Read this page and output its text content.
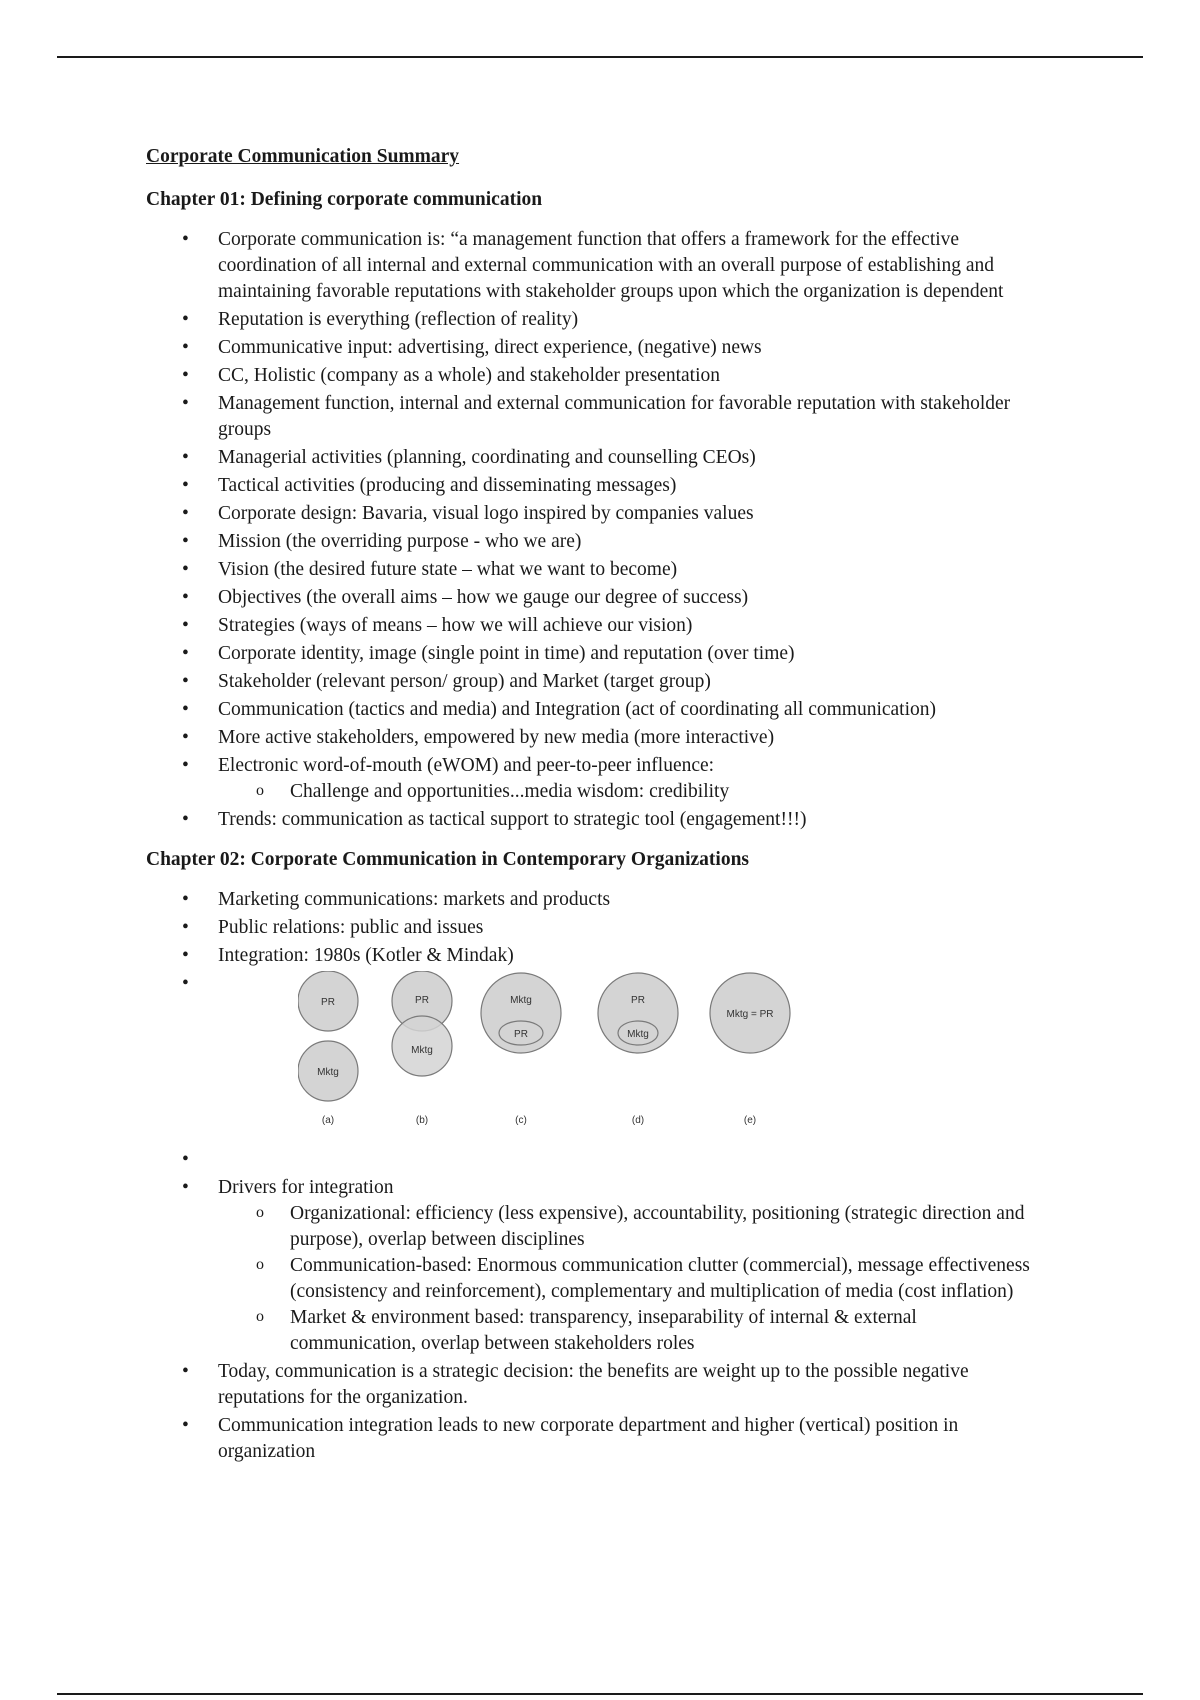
Corporate Communication Summary
Chapter 01: Defining corporate communication
• Corporate communication is: “a management function that offers a framework for the effective coordination of all internal and external communication with an overall purpose of establishing and maintaining favorable reputations with stakeholder groups upon which the organization is dependent
• Reputation is everything (reflection of reality)
• Communicative input: advertising, direct experience, (negative) news
• CC, Holistic (company as a whole) and stakeholder presentation
• Management function, internal and external communication for favorable reputation with stakeholder groups
• Managerial activities (planning, coordinating and counselling CEOs)
• Tactical activities (producing and disseminating messages)
• Corporate design: Bavaria, visual logo inspired by companies values
• Mission (the overriding purpose - who we are)
• Vision (the desired future state – what we want to become)
• Objectives (the overall aims – how we gauge our degree of success)
• Strategies (ways of means – how we will achieve our vision)
• Corporate identity, image (single point in time) and reputation (over time)
• Stakeholder (relevant person/ group) and Market (target group)
• Communication (tactics and media) and Integration (act of coordinating all communication)
• More active stakeholders, empowered by new media (more interactive)
• Electronic word-of-mouth (eWOM) and peer-to-peer influence:
o Challenge and opportunities...media wisdom: credibility
• Trends: communication as tactical support to strategic tool (engagement!!!)
Chapter 02: Corporate Communication in Contemporary Organizations
• Marketing communications: markets and products
• Public relations: public and issues
• Integration: 1980s (Kotler & Mindak)
• PR
Mktg
PR
Mktg
Mktg
PR
PR
Mktg
Mktg = PR
(a)	(b)	(c)	(d)	(e)
•
• Drivers for integration
o Organizational: efficiency (less expensive), accountability, positioning (strategic direction and purpose), overlap between disciplines
o Communication-based: Enormous communication clutter (commercial), message effectiveness (consistency and reinforcement), complementary and multiplication of media (cost inflation)
o Market & environment based: transparency, inseparability of internal & external communication, overlap between stakeholders roles
• Today, communication is a strategic decision: the benefits are weight up to the possible negative reputations for the organization.
• Communication integration leads to new corporate department and higher (vertical) position in organization
